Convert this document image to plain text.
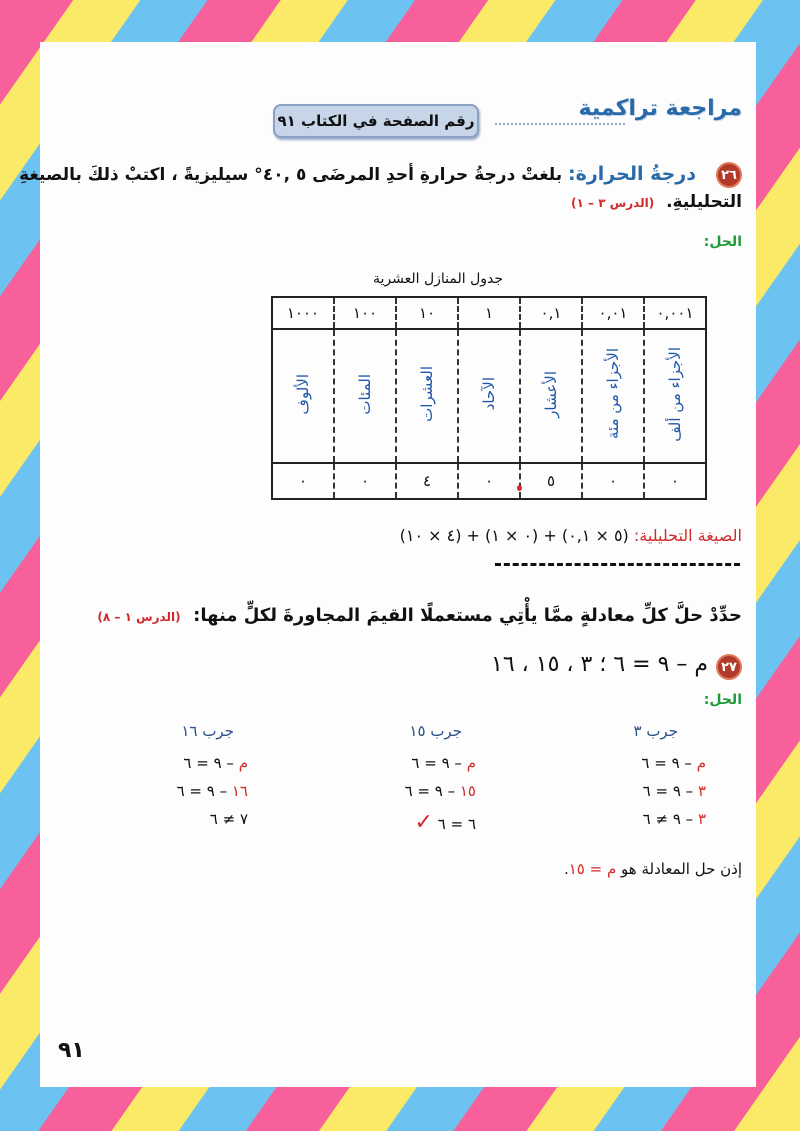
مراجعة تراكمية
رقم الصفحة في الكتاب ٩١
٢٦
درجةُ الحرارة: بلغتْ درجةُ حرارةِ أحدِ المرضَى ٥ ,٤٠° سيليزيةً ، اكتبْ ذلكَ بالصيغةِ
التحليليةِ.  (الدرس ٣ – ١)
الحل:
جدول المنازل العشرية
٠,٠٠١	٠,٠١	٠,١	١	١٠	١٠٠	١٠٠٠
الأجزاء من ألف	الأجزاء من مئة	الأعشار	الآحاد	العشرات	المئات	الألوف
٠	٠	٥	٠	٤	٠	٠
الصيغة التحليلية: (٤ × ١٠) + (٠ × ١) + (٥ × ٠,١)
حدِّدْ حلَّ كلِّ معادلةٍ ممَّا يأْتِي مستعملًا القيمَ المجاورةَ لكلٍّ منها:  (الدرس ١ – ٨)
٢٧
م – ٩ = ٦ ؛ ٣ ، ١٥ ، ١٦
الحل:
جرب ٣
م – ٩ = ٦
٣ – ٩ = ٦
٣ – ٩ ≠ ٦
جرب ١٥
م – ٩ = ٦
١٥ – ٩ = ٦
٦ = ٦ ✓
جرب ١٦
م – ٩ = ٦
١٦ – ٩ = ٦
٧ ≠ ٦
إذن حل المعادلة هو م = ١٥.
٩١
